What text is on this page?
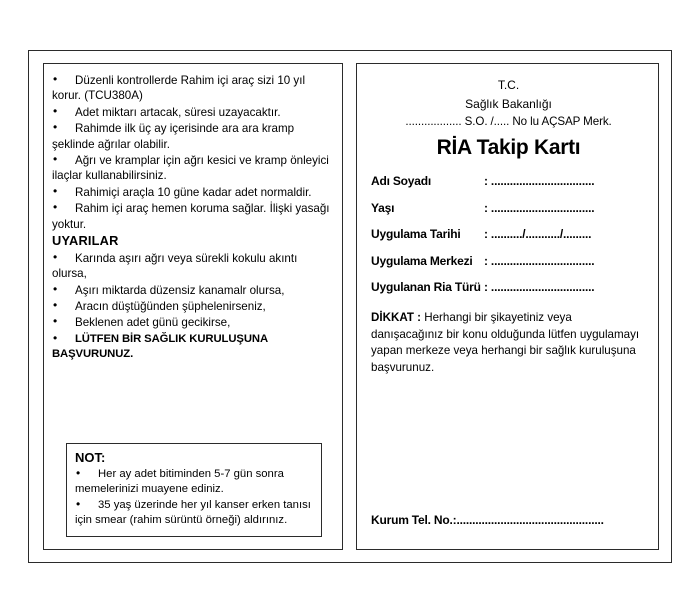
• Düzenli kontrollerde Rahim içi araç sizi 10 yıl korur. (TCU380A)
• Adet miktarı artacak, süresi uzayacaktır.
• Rahimde ilk üç ay içerisinde ara ara kramp şeklinde ağrılar olabilir.
• Ağrı ve kramplar için ağrı kesici ve kramp önleyici ilaçlar kullanabilirsiniz.
• Rahimiçi araçla 10 güne kadar adet normaldir.
• Rahim içi araç hemen koruma sağlar. İlişki yasağı yoktur.
UYARILAR
• Karında aşırı ağrı veya sürekli kokulu akıntı olursa,
• Aşırı miktarda düzensiz kanamalr olursa,
• Aracın düştüğünden şüphelenirseniz,
• Beklenen adet günü gecikirse,
• LÜTFEN BİR SAĞLIK KURULUŞUNA BAŞVURUNUZ.
NOT:
• Her ay adet bitiminden 5-7 gün sonra memelerinizi muayene ediniz.
• 35 yaş üzerinde her yıl kanser erken tanısı için smear (rahim sürüntü örneği) aldırınız.
T.C.
Sağlık Bakanlığı
.................. S.O. /..... No lu AÇSAP Merk.
RİA Takip Kartı
Adı Soyadı	: .................................
Yaşı	: .................................
Uygulama Tarihi	: ........../.........../.........
Uygulama Merkezi : .................................
Uygulanan Ria Türü : .................................
DİKKAT : Herhangi bir şikayetiniz veya danışacağınız bir konu olduğunda lütfen uygulamayı yapan merkeze veya herhangi bir sağlık kuruluşuna başvurunuz.
Kurum Tel. No.:...............................................
